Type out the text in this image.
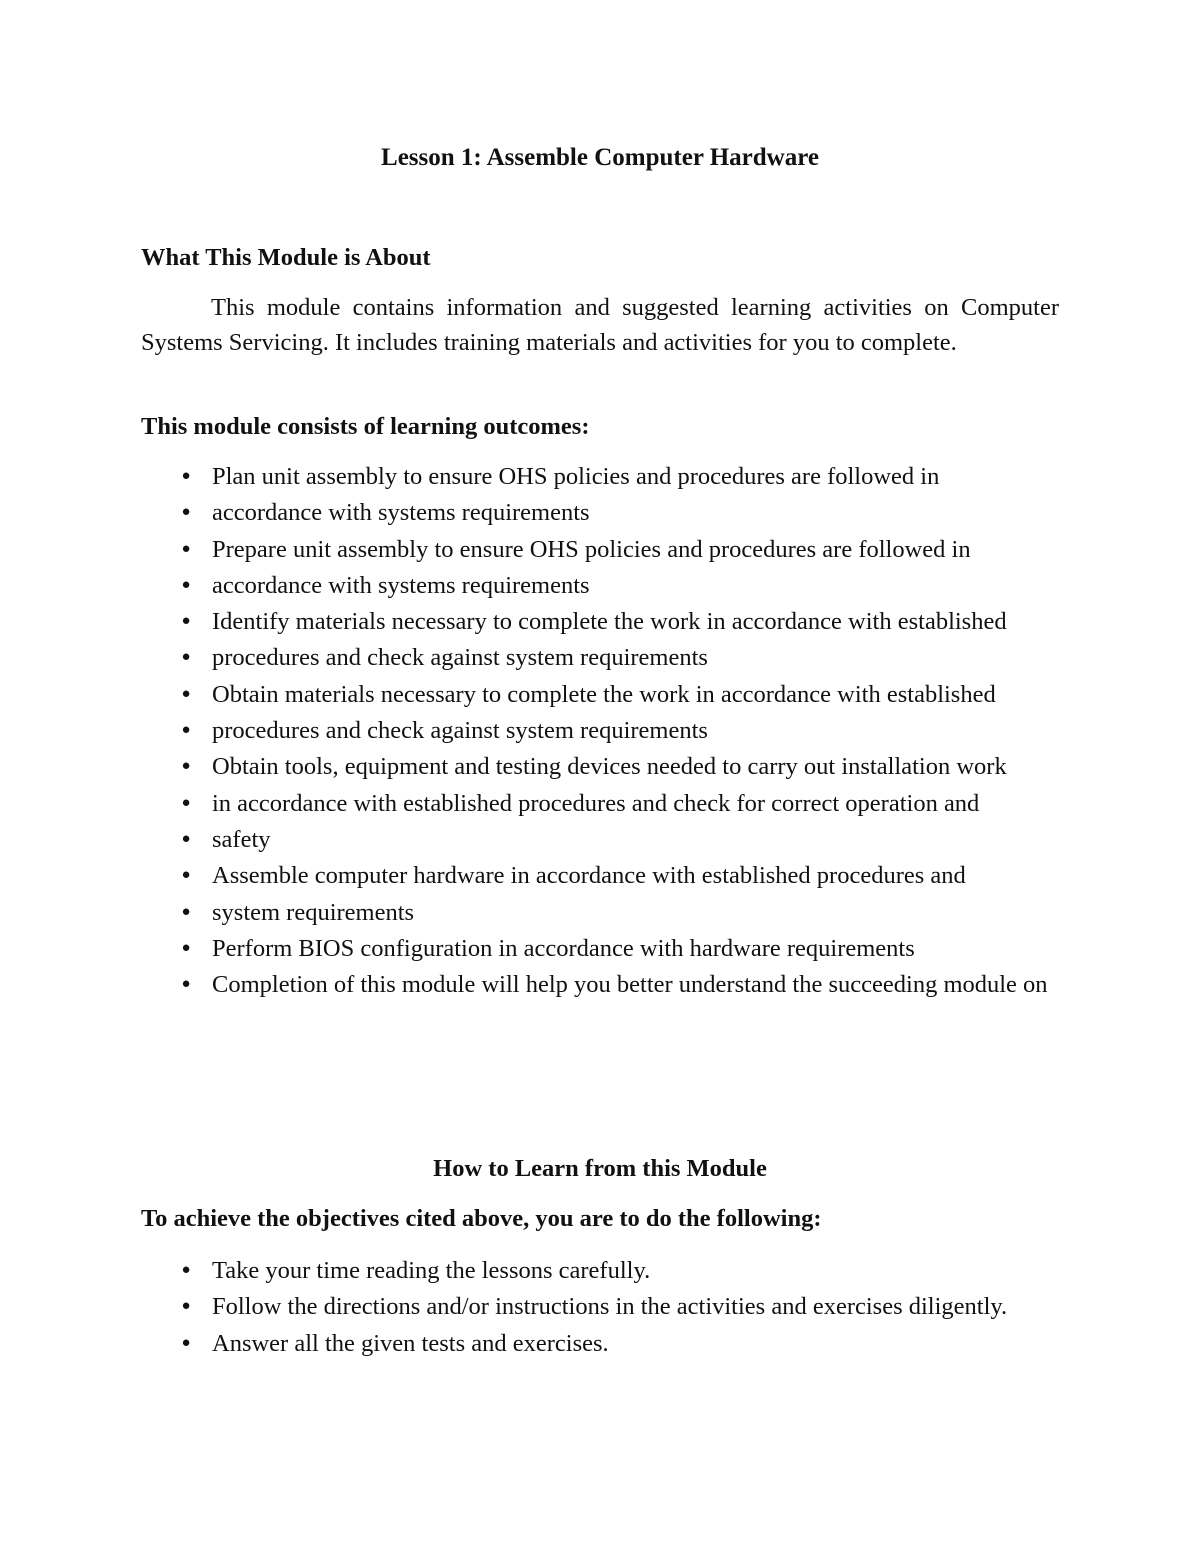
Lesson 1: Assemble Computer Hardware
What This Module is About

This module contains information and suggested learning activities on Computer Systems Servicing. It includes training materials and activities for you to complete.

This module consists of learning outcomes:
● Plan unit assembly to ensure OHS policies and procedures are followed in
● accordance with systems requirements
● Prepare unit assembly to ensure OHS policies and procedures are followed in
● accordance with systems requirements
● Identify materials necessary to complete the work in accordance with established
● procedures and check against system requirements
● Obtain materials necessary to complete the work in accordance with established
● procedures and check against system requirements
● Obtain tools, equipment and testing devices needed to carry out installation work
● in accordance with established procedures and check for correct operation and
● safety
● Assemble computer hardware in accordance with established procedures and
● system requirements
● Perform BIOS configuration in accordance with hardware requirements
● Completion of this module will help you better understand the succeeding module on
How to Learn from this Module
To achieve the objectives cited above, you are to do the following:
● Take your time reading the lessons carefully.
● Follow the directions and/or instructions in the activities and exercises diligently.
● Answer all the given tests and exercises.
